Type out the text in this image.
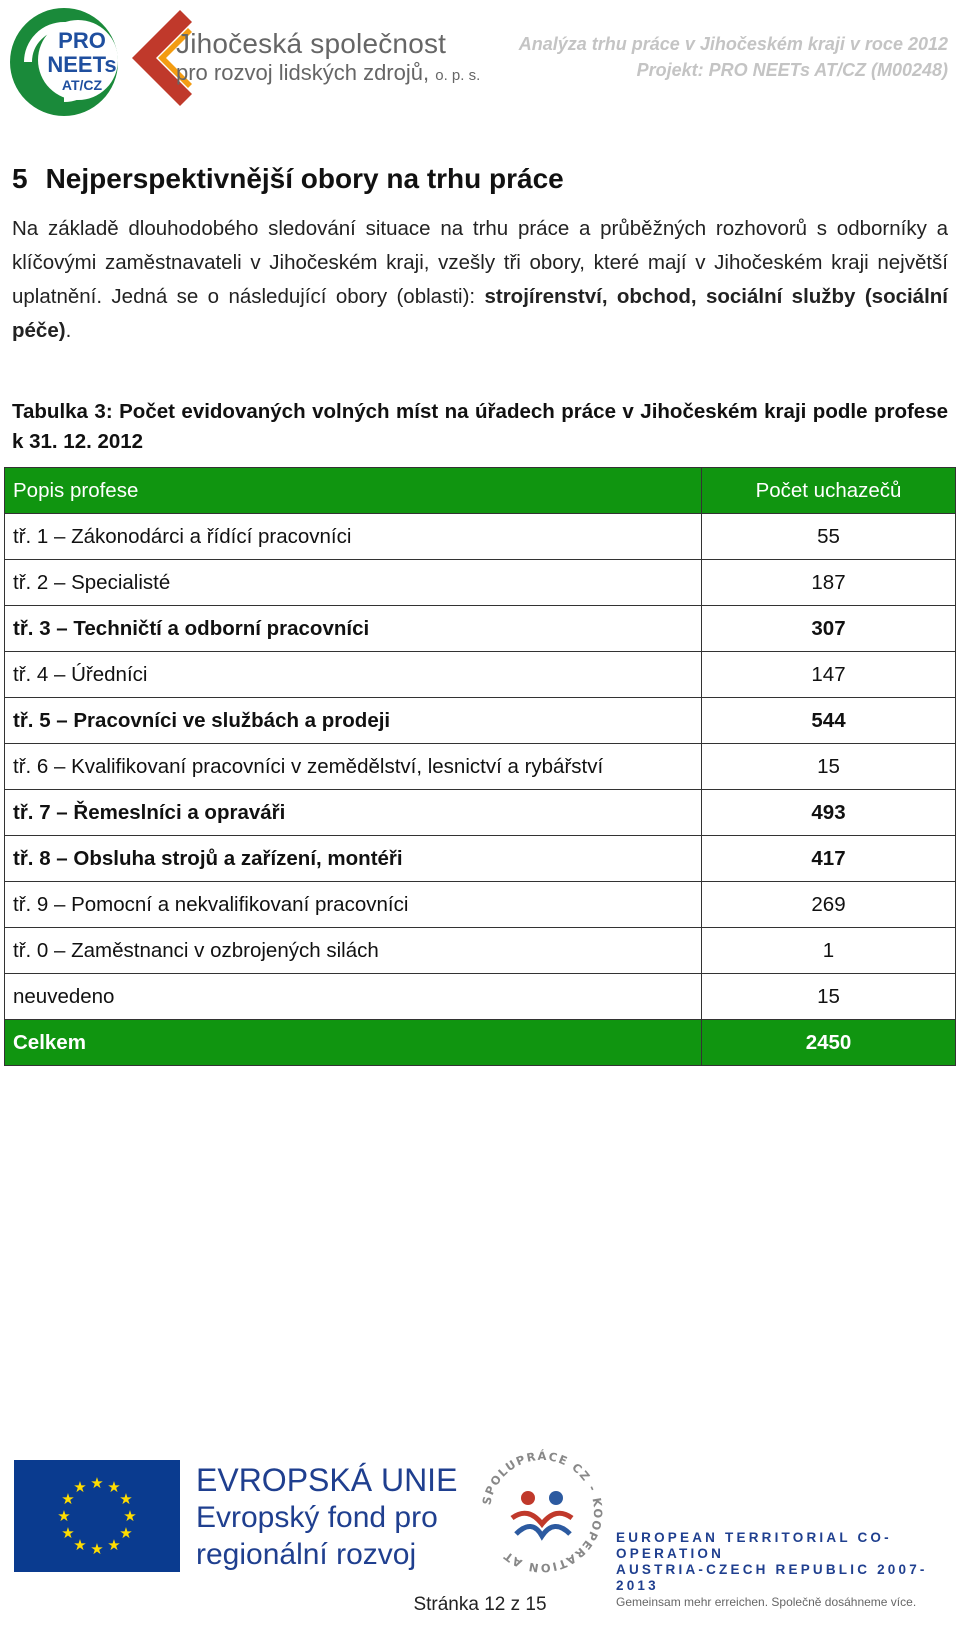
PRO
NEETs
AT/CZ
Jihočeská společnost
pro rozvoj lidských zdrojů, o. p. s.
Analýza trhu práce v Jihočeském kraji v roce 2012
Projekt: PRO NEETs AT/CZ (M00248)
5 Nejperspektivnější obory na trhu práce
Na základě dlouhodobého sledování situace na trhu práce a průběžných rozhovorů s odborníky a klíčovými zaměstnavateli v Jihočeském kraji, vzešly tři obory, které mají v Jihočeském kraji největší uplatnění. Jedná se o následující obory (oblasti): strojírenství, obchod, sociální služby (sociální péče).
Tabulka 3: Počet evidovaných volných míst na úřadech práce v Jihočeském kraji podle profese k 31. 12. 2012
Popis profese	Počet uchazečů
tř. 1 – Zákonodárci a řídící pracovníci	55
tř. 2 – Specialisté	187
tř. 3 – Techničtí a odborní pracovníci	307
tř. 4 – Úředníci	147
tř. 5 – Pracovníci ve službách a prodeji	544
tř. 6 – Kvalifikovaní pracovníci v zemědělství, lesnictví a rybářství	15
tř. 7 – Řemeslníci a opraváři	493
tř. 8 – Obsluha strojů a zařízení, montéři	417
tř. 9 – Pomocní a nekvalifikovaní pracovníci	269
tř. 0 – Zaměstnanci v ozbrojených silách	1
neuvedeno	15
Celkem	2450
★ ★
★
★
★
★
★
★
★
★
★
★	EVROPSKÁ UNIE
Evropský fond pro
regionální rozvoj
SPOLUPRÁCE CZ - KOOPERATION AT
EUROPEAN TERRITORIAL CO-OPERATION
AUSTRIA-CZECH REPUBLIC 2007-2013
Gemeinsam mehr erreichen. Společně dosáhneme více.
Stránka 12 z 15
